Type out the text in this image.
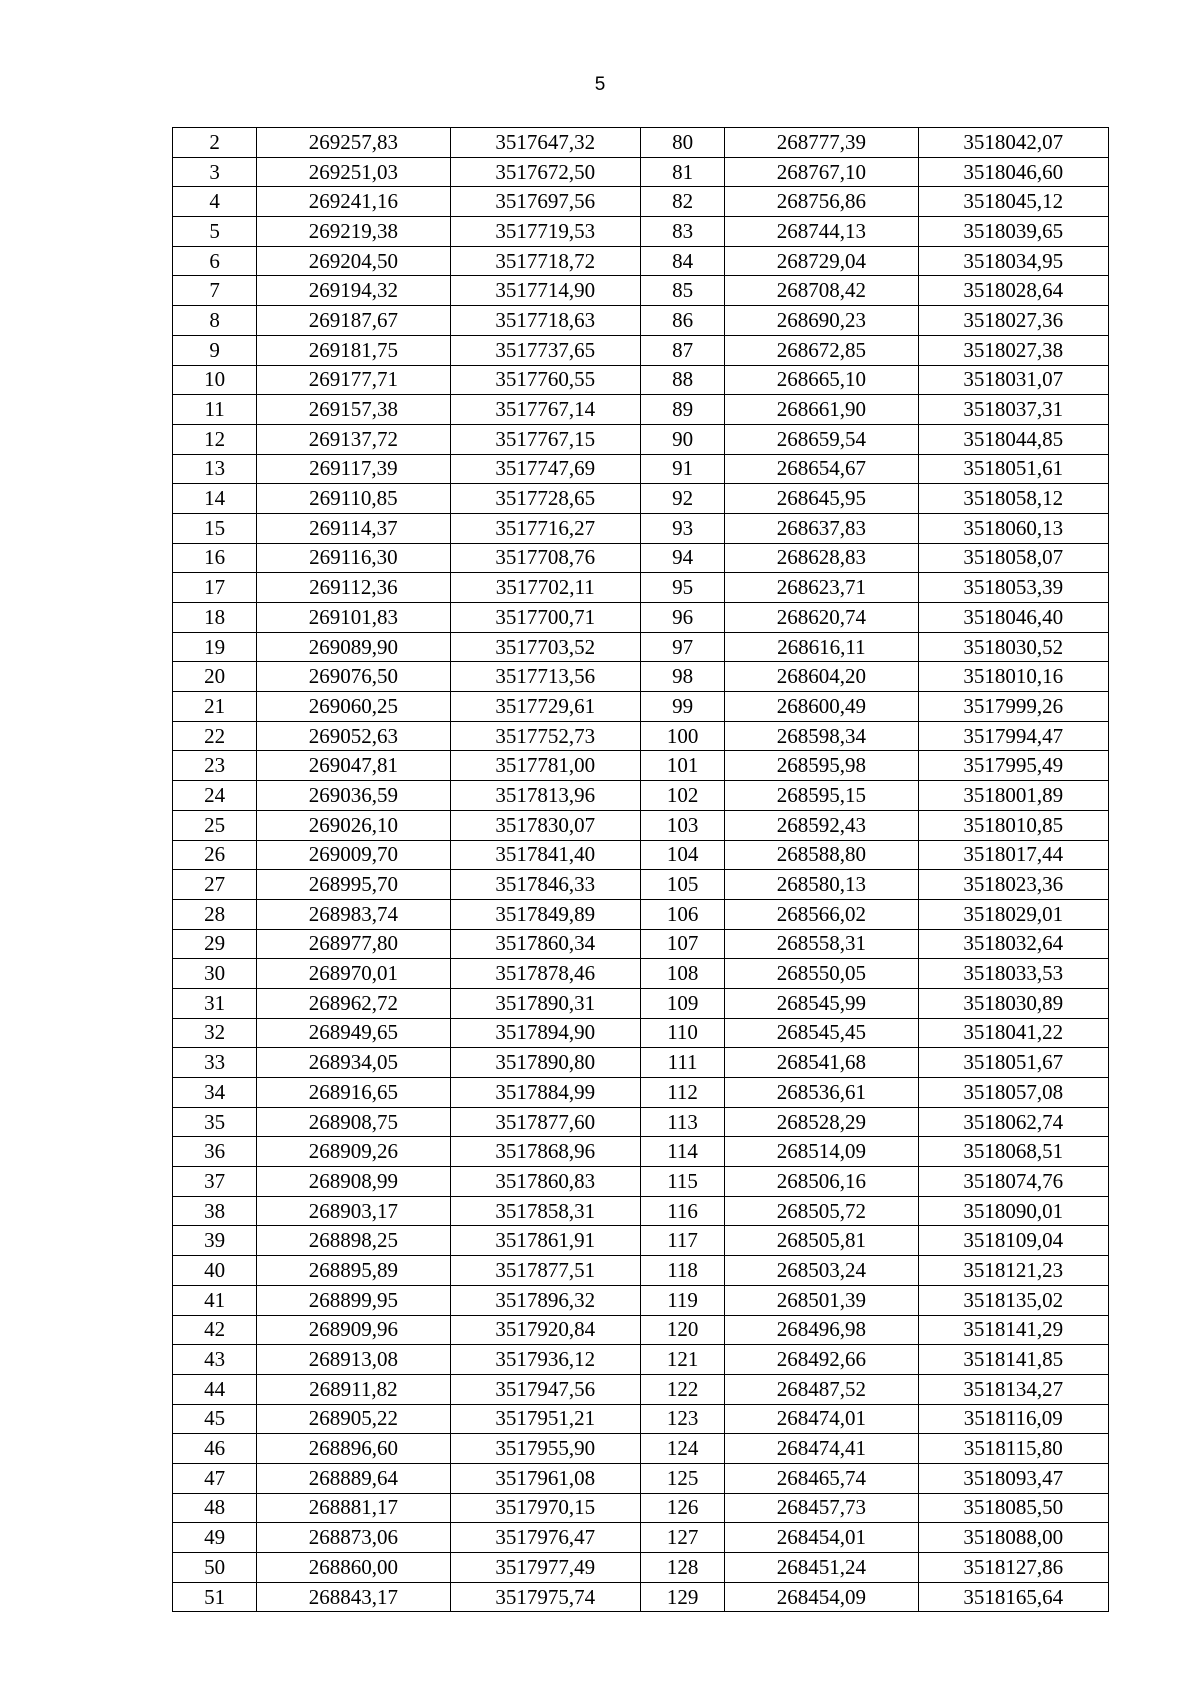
5
2	269257,83	3517647,32	80	268777,39	3518042,07
3	269251,03	3517672,50	81	268767,10	3518046,60
4	269241,16	3517697,56	82	268756,86	3518045,12
5	269219,38	3517719,53	83	268744,13	3518039,65
6	269204,50	3517718,72	84	268729,04	3518034,95
7	269194,32	3517714,90	85	268708,42	3518028,64
8	269187,67	3517718,63	86	268690,23	3518027,36
9	269181,75	3517737,65	87	268672,85	3518027,38
10	269177,71	3517760,55	88	268665,10	3518031,07
11	269157,38	3517767,14	89	268661,90	3518037,31
12	269137,72	3517767,15	90	268659,54	3518044,85
13	269117,39	3517747,69	91	268654,67	3518051,61
14	269110,85	3517728,65	92	268645,95	3518058,12
15	269114,37	3517716,27	93	268637,83	3518060,13
16	269116,30	3517708,76	94	268628,83	3518058,07
17	269112,36	3517702,11	95	268623,71	3518053,39
18	269101,83	3517700,71	96	268620,74	3518046,40
19	269089,90	3517703,52	97	268616,11	3518030,52
20	269076,50	3517713,56	98	268604,20	3518010,16
21	269060,25	3517729,61	99	268600,49	3517999,26
22	269052,63	3517752,73	100	268598,34	3517994,47
23	269047,81	3517781,00	101	268595,98	3517995,49
24	269036,59	3517813,96	102	268595,15	3518001,89
25	269026,10	3517830,07	103	268592,43	3518010,85
26	269009,70	3517841,40	104	268588,80	3518017,44
27	268995,70	3517846,33	105	268580,13	3518023,36
28	268983,74	3517849,89	106	268566,02	3518029,01
29	268977,80	3517860,34	107	268558,31	3518032,64
30	268970,01	3517878,46	108	268550,05	3518033,53
31	268962,72	3517890,31	109	268545,99	3518030,89
32	268949,65	3517894,90	110	268545,45	3518041,22
33	268934,05	3517890,80	111	268541,68	3518051,67
34	268916,65	3517884,99	112	268536,61	3518057,08
35	268908,75	3517877,60	113	268528,29	3518062,74
36	268909,26	3517868,96	114	268514,09	3518068,51
37	268908,99	3517860,83	115	268506,16	3518074,76
38	268903,17	3517858,31	116	268505,72	3518090,01
39	268898,25	3517861,91	117	268505,81	3518109,04
40	268895,89	3517877,51	118	268503,24	3518121,23
41	268899,95	3517896,32	119	268501,39	3518135,02
42	268909,96	3517920,84	120	268496,98	3518141,29
43	268913,08	3517936,12	121	268492,66	3518141,85
44	268911,82	3517947,56	122	268487,52	3518134,27
45	268905,22	3517951,21	123	268474,01	3518116,09
46	268896,60	3517955,90	124	268474,41	3518115,80
47	268889,64	3517961,08	125	268465,74	3518093,47
48	268881,17	3517970,15	126	268457,73	3518085,50
49	268873,06	3517976,47	127	268454,01	3518088,00
50	268860,00	3517977,49	128	268451,24	3518127,86
51	268843,17	3517975,74	129	268454,09	3518165,64
